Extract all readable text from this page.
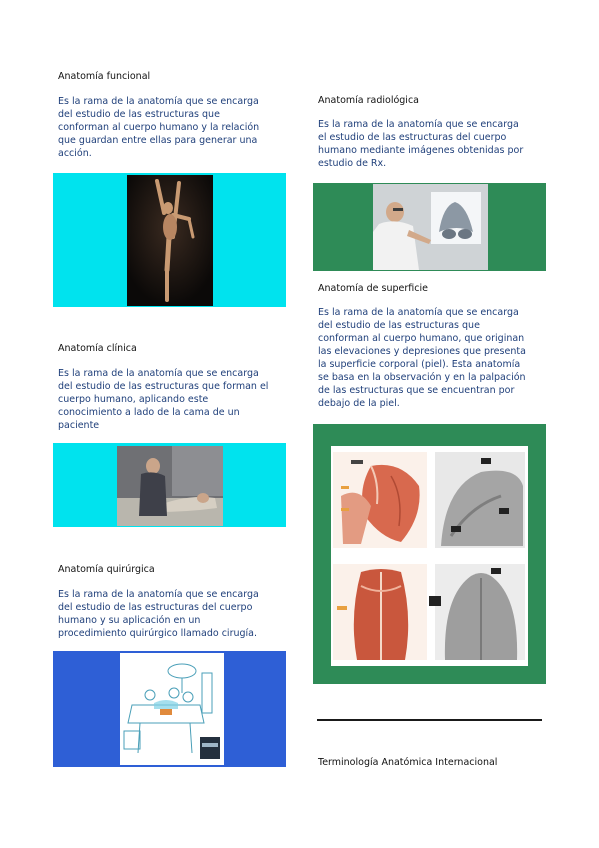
Anatomía funcional
Es la rama de la anatomía que se encarga
del estudio de las estructuras que
conforman al cuerpo humano y la relación
que guardan entre ellas para generar una
acción.
Anatomía clínica
Es la rama de la anatomía que se encarga
del estudio de las estructuras que forman el
cuerpo humano, aplicando este
conocimiento a lado de la cama de un
paciente
Anatomía quirúrgica
Es la rama de la anatomía que se encarga
del estudio de las estructuras del cuerpo
humano y su aplicación en un
procedimiento quirúrgico llamado cirugía.
Anatomía radiológica
Es la rama de la anatomía que se encarga
el estudio de las estructuras del cuerpo
humano mediante imágenes obtenidas por
estudio de Rx.
Anatomía de superficie
Es la rama de la anatomía que se encarga
del estudio de las estructuras que
conforman al cuerpo humano, que originan
las elevaciones y depresiones que presenta
la superficie corporal (piel). Esta anatomía
se basa en la observación y en la palpación
de las estructuras que se encuentran por
debajo de la piel.
Terminología Anatómica Internacional
